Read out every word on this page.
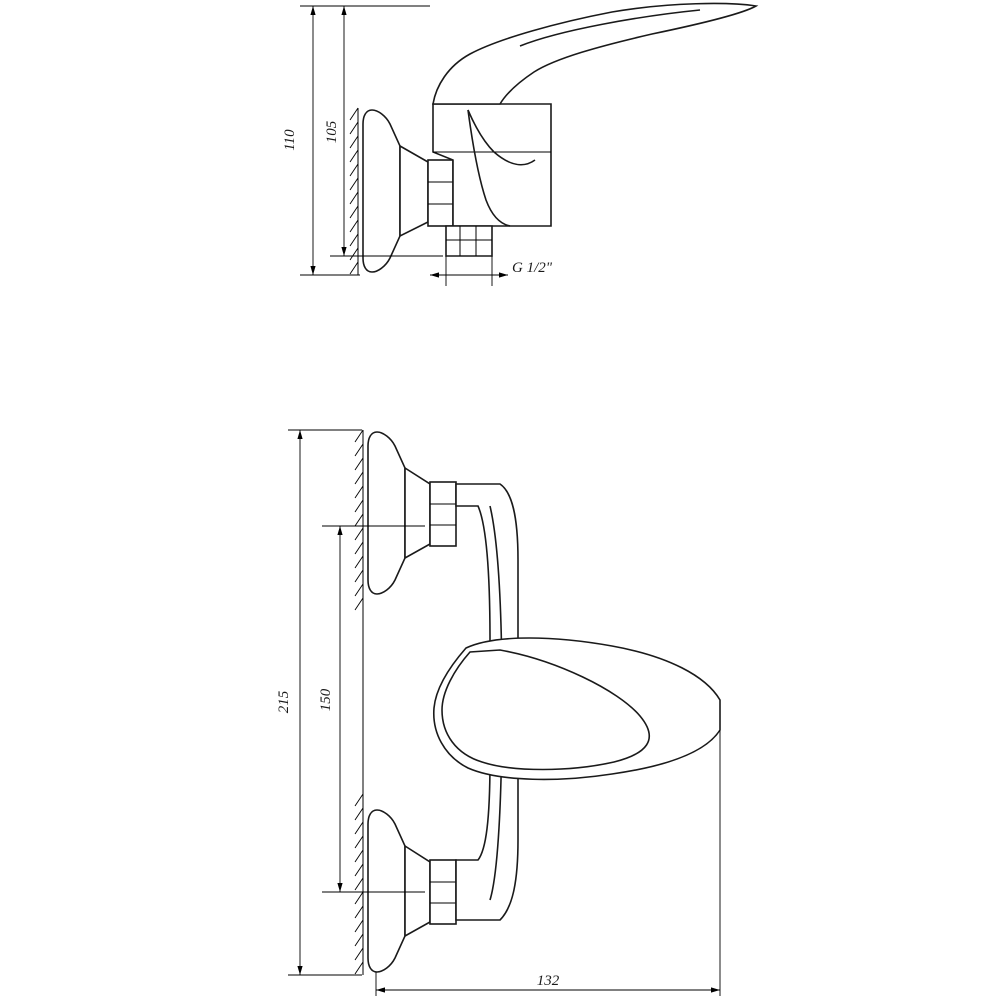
110 105
G 1/2"
215 150
132
